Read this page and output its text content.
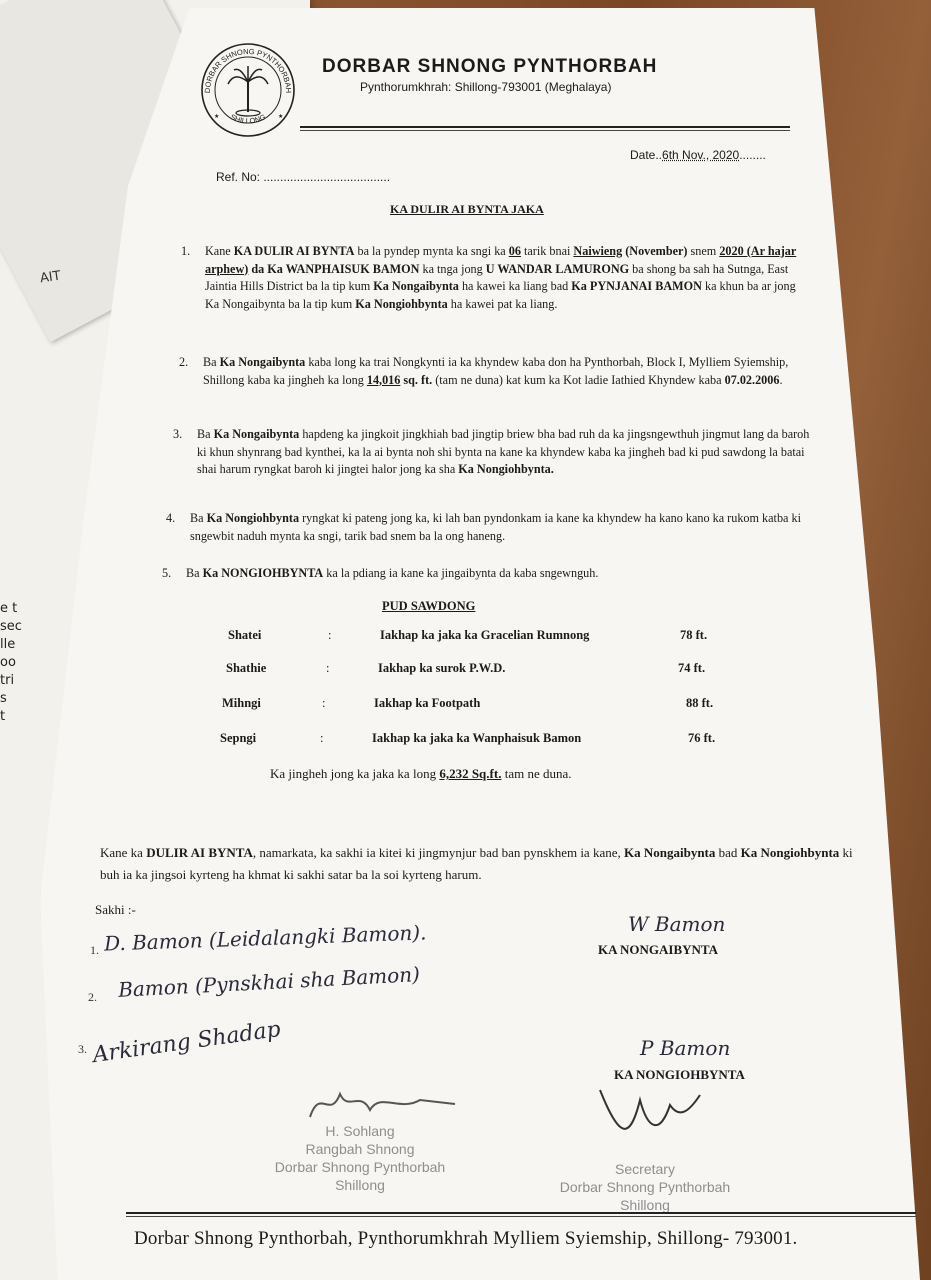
AIT
e t
sec
lle
oo
tri
s
t
DORBAR SHNONG PYNTHORBAH
SHILLONG
★	★
DORBAR SHNONG PYNTHORBAH
Pynthorumkhrah: Shillong-793001 (Meghalaya)
Date..6th Nov., 2020........
Ref. No: ......................................
KA DULIR AI BYNTA JAKA
1. Kane KA DULIR AI BYNTA ba la pyndep mynta ka sngi ka 06 tarik bnai Naiwieng (November) snem 2020 (Ar hajar arphew) da Ka WANPHAISUK BAMON ka tnga jong U WANDAR LAMURONG ba shong ba sah ha Sutnga, East Jaintia Hills District ba la tip kum Ka Nongaibynta ha kawei ka liang bad Ka PYNJANAI BAMON ka khun ba ar jong Ka Nongaibynta ba la tip kum Ka Nongiohbynta ha kawei pat ka liang.
2. Ba Ka Nongaibynta kaba long ka trai Nongkynti ia ka khyndew kaba don ha Pynthorbah, Block I, Mylliem Syiemship, Shillong kaba ka jingheh ka long 14,016 sq. ft. (tam ne duna) kat kum ka Kot ladie Iathied Khyndew kaba 07.02.2006.
3. Ba Ka Nongaibynta hapdeng ka jingkoit jingkhiah bad jingtip briew bha bad ruh da ka jingsngewthuh jingmut lang da baroh ki khun shynrang bad kynthei, ka la ai bynta noh shi bynta na kane ka khyndew kaba ka jingheh bad ki pud sawdong la batai shai harum ryngkat baroh ki jingtei halor jong ka sha Ka Nongiohbynta.
4. Ba Ka Nongiohbynta ryngkat ki pateng jong ka, ki lah ban pyndonkam ia kane ka khyndew ha kano kano ka rukom katba ki sngewbit naduh mynta ka sngi, tarik bad snem ba la ong haneng.
5. Ba Ka NONGIOHBYNTA ka la pdiang ia kane ka jingaibynta da kaba sngewnguh.
PUD SAWDONG
Shatei	:	Iakhap ka jaka ka Gracelian Rumnong	78 ft.
Shathie	:	Iakhap ka surok P.W.D.	74 ft.
Mihngi	:	Iakhap ka Footpath	88 ft.
Sepngi	:	Iakhap ka jaka ka Wanphaisuk Bamon	76 ft.
Ka jingheh jong ka jaka ka long 6,232 Sq.ft. tam ne duna.
Kane ka DULIR AI BYNTA, namarkata, ka sakhi ia kitei ki jingmynjur bad ban pynskhem ia kane, Ka Nongaibynta bad Ka Nongiohbynta ki buh ia ka jingsoi kyrteng ha khmat ki sakhi satar ba la soi kyrteng harum.
Sakhi :-
1. D. Bamon (Leidalangki Bamon).
2. Bamon (Pynskhai sha Bamon)
3. Arkirang Shadap
W Bamon
KA NONGAIBYNTA
P Bamon
KA NONGIOHBYNTA
H. Sohlang
Rangbah Shnong
Dorbar Shnong Pynthorbah
Shillong
Secretary
Dorbar Shnong Pynthorbah
Shillong
Dorbar Shnong Pynthorbah, Pynthorumkhrah Mylliem Syiemship, Shillong- 793001.
